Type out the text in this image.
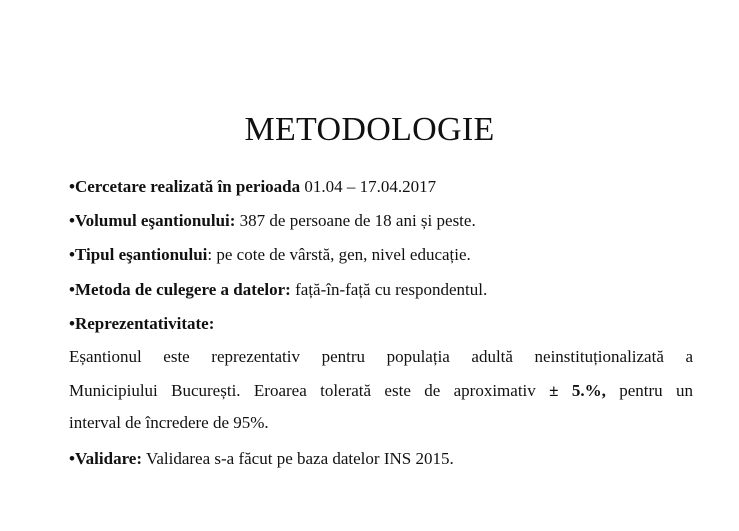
METODOLOGIE
•Cercetare realizată în perioada 01.04 – 17.04.2017
•Volumul eşantionului: 387 de persoane de 18 ani și peste.
•Tipul eşantionului: pe cote de vârstă, gen, nivel educație.
•Metoda de culegere a datelor: față-în-față cu respondentul.
•Reprezentativitate:
Eșantionul este reprezentativ pentru populația adultă neinstituționalizată a
Municipiului București. Eroarea tolerată este de aproximativ ± 5.%, pentru un
interval de încredere de 95%.
•Validare: Validarea s-a făcut pe baza datelor INS 2015.
